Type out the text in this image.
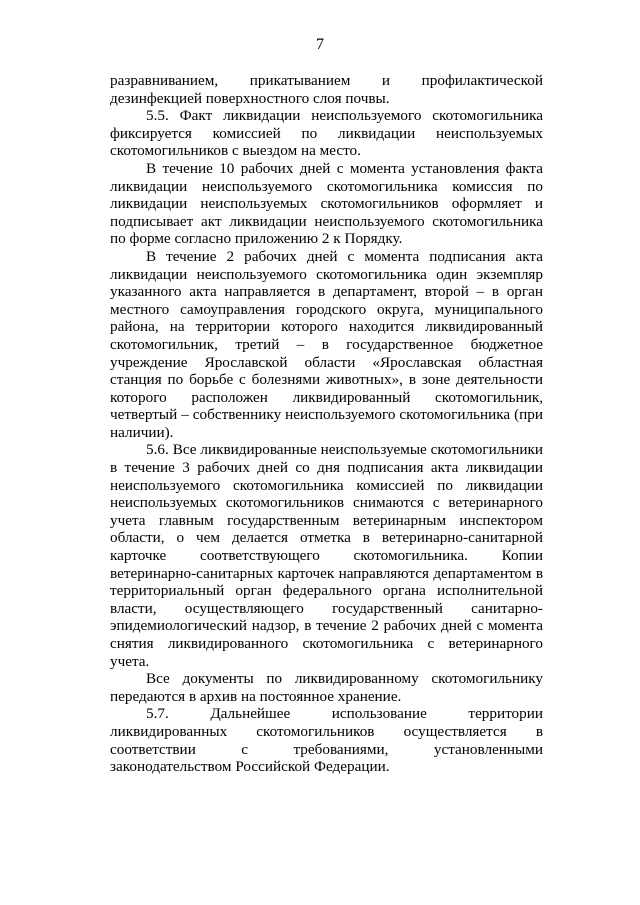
7

разравниванием, прикатыванием и профилактической дезинфекцией поверхностного слоя почвы.

5.5. Факт ликвидации неиспользуемого скотомогильника фиксируется комиссией по ликвидации неиспользуемых скотомогильников с выездом на место.

В течение 10 рабочих дней с момента установления факта ликвидации неиспользуемого скотомогильника комиссия по ликвидации неиспользуемых скотомогильников оформляет и подписывает акт ликвидации неиспользуемого скотомогильника по форме согласно приложению 2 к Порядку.

В течение 2 рабочих дней с момента подписания акта ликвидации неиспользуемого скотомогильника один экземпляр указанного акта направляется в департамент, второй – в орган местного самоуправления городского округа, муниципального района, на территории которого находится ликвидированный скотомогильник, третий – в государственное бюджетное учреждение Ярославской области «Ярославская областная станция по борьбе с болезнями животных», в зоне деятельности которого расположен ликвидированный скотомогильник, четвертый – собственнику неиспользуемого скотомогильника (при наличии).

5.6. Все ликвидированные неиспользуемые скотомогильники в течение 3 рабочих дней со дня подписания акта ликвидации неиспользуемого скотомогильника комиссией по ликвидации неиспользуемых скотомогильников снимаются с ветеринарного учета главным государственным ветеринарным инспектором области, о чем делается отметка в ветеринарно-санитарной карточке соответствующего скотомогильника. Копии ветеринарно-санитарных карточек направляются департаментом в территориальный орган федерального органа исполнительной власти, осуществляющего государственный санитарно-эпидемиологический надзор, в течение 2 рабочих дней с момента снятия ликвидированного скотомогильника с ветеринарного учета.

Все документы по ликвидированному скотомогильнику передаются в архив на постоянное хранение.

5.7. Дальнейшее использование территории ликвидированных скотомогильников осуществляется в соответствии с требованиями, установленными законодательством Российской Федерации.
